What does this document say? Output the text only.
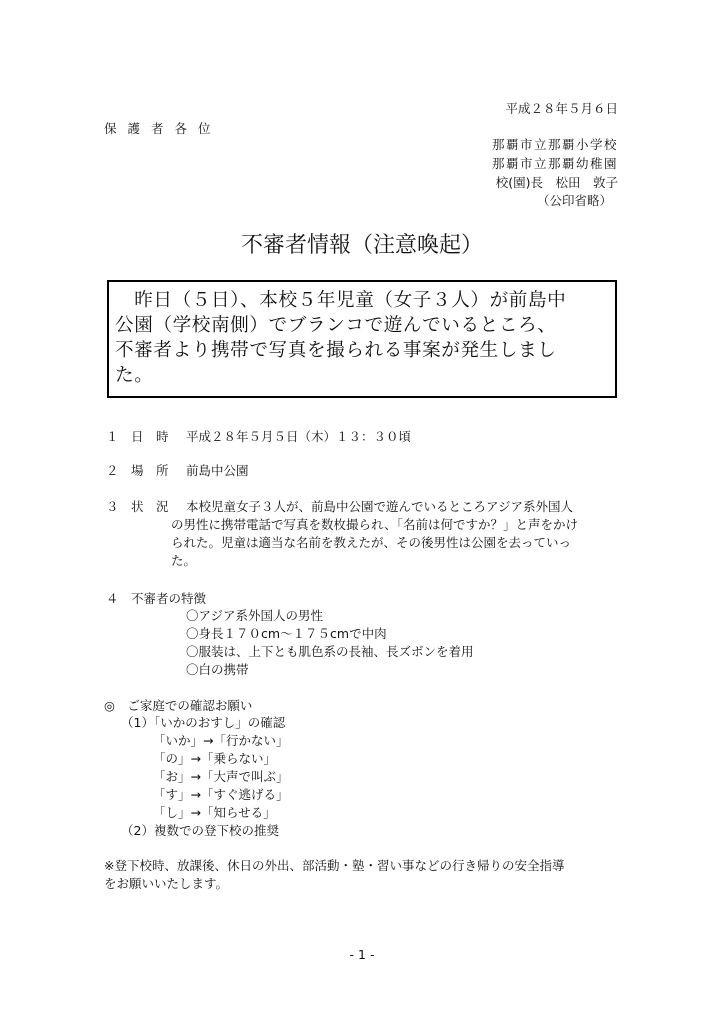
平成２８年５月６日
保護者各位
那覇市立那覇小学校
那覇市立那覇幼稚園
校(園)長　松田　敦子
（公印省略）
不審者情報（注意喚起）
　昨日（５日）、本校５年児童（女子３人）が前島中
公園（学校南側）でブランコで遊んでいるところ、
不審者より携帯で写真を撮られる事案が発生しまし
た。
１　日　時 平成２８年５月５日（木）１３：３０頃
２　場　所 前島中公園
３　状　況 本校児童女子３人が、前島中公園で遊んでいるところアジア系外国人
の男性に携帯電話で写真を数枚撮られ、「名前は何ですか？」と声をかけ
られた。児童は適当な名前を教えたが、その後男性は公園を去っていっ
た。
４　不審者の特徴
〇アジア系外国人の男性
〇身長１７０cm～１７５cmで中肉
〇服装は、上下とも肌色系の長袖、長ズボンを着用
〇白の携帯
◎　ご家庭での確認お願い
（1）「いかのおすし」の確認
「いか」→「行かない」
「の」→「乗らない」
「お」→「大声で叫ぶ」
「す」→「すぐ逃げる」
「し」→「知らせる」
（2）複数での登下校の推奨
※登下校時、放課後、休日の外出、部活動・塾・習い事などの行き帰りの安全指導
をお願いいたします。
- 1 -
